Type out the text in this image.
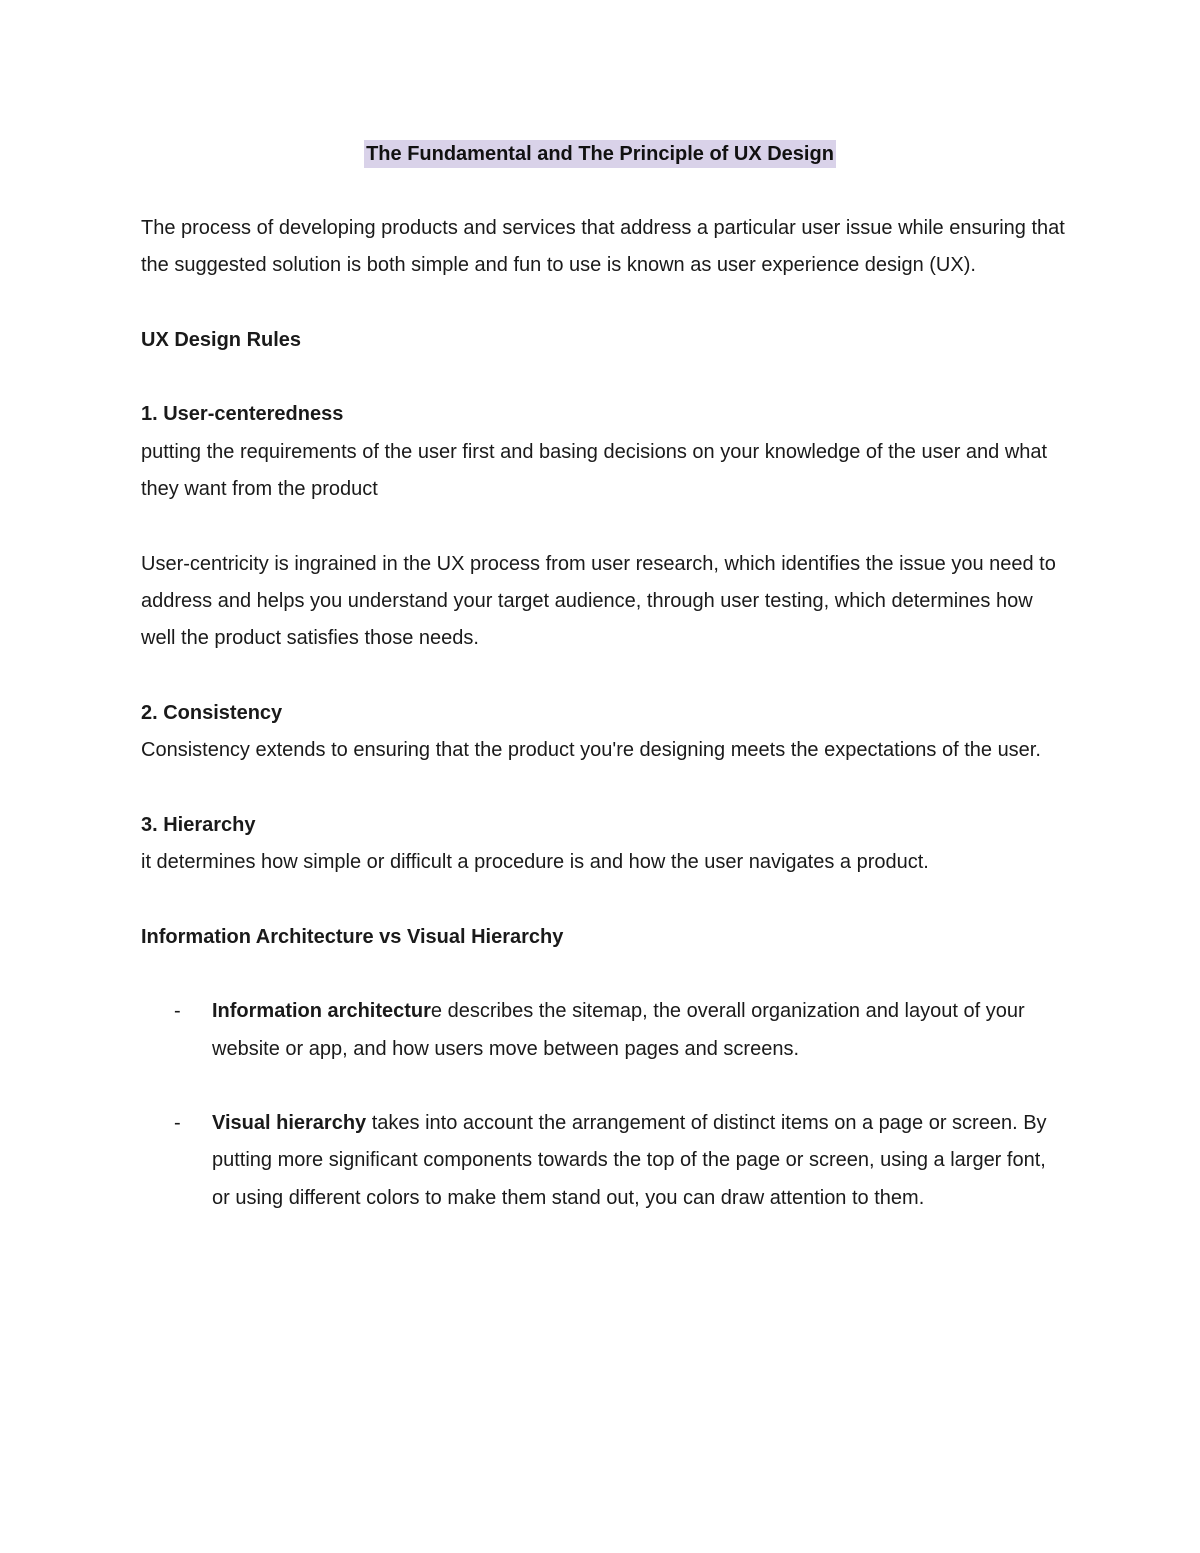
The Fundamental and The Principle of UX Design

The process of developing products and services that address a particular user issue while ensuring that the suggested solution is both simple and fun to use is known as user experience design (UX).

UX Design Rules

1. User-centeredness

putting the requirements of the user first and basing decisions on your knowledge of the user and what they want from the product

User-centricity is ingrained in the UX process from user research, which identifies the issue you need to address and helps you understand your target audience, through user testing, which determines how well the product satisfies those needs.

2. Consistency

Consistency extends to ensuring that the product you're designing meets the expectations of the user.

3. Hierarchy

it determines how simple or difficult a procedure is and how the user navigates a product.

Information Architecture vs Visual Hierarchy

- Information architecture describes the sitemap, the overall organization and layout of your website or app, and how users move between pages and screens.
- Visual hierarchy takes into account the arrangement of distinct items on a page or screen. By putting more significant components towards the top of the page or screen, using a larger font, or using different colors to make them stand out, you can draw attention to them.
